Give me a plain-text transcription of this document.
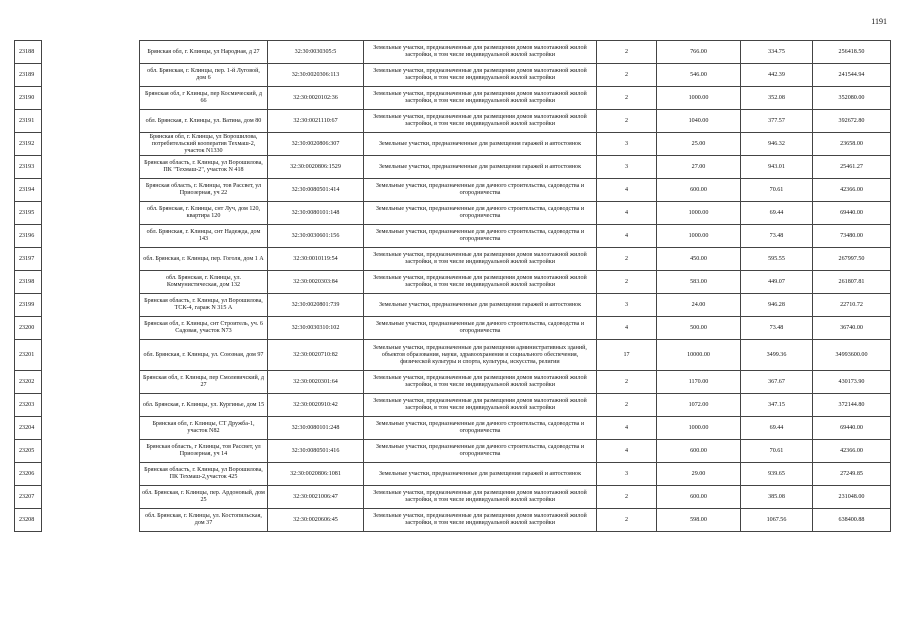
1191
23188		Брянская обл, г. Клинцы, ул Народная, д 27	32:30:0030305:5	Земельные участки, предназначенные для размещения домов малоэтажной жилой застройки, в том числе индивидуальной жилой застройки	2	766.00	334.75	256418.50
23189		обл. Брянская, г. Клинцы, пер. 1-й Луговой, дом 6	32:30:0020306:113	Земельные участки, предназначенные для размещения домов малоэтажной жилой застройки, в том числе индивидуальной жилой застройки	2	546.00	442.39	241544.94
23190		Брянская обл, г Клинцы, пер Космический, д 66	32:30:0020102:36	Земельные участки, предназначенные для размещения домов малоэтажной жилой застройки, в том числе индивидуальной жилой застройки	2	1000.00	352.08	352080.00
23191		обл. Брянская, г. Клинцы, ул. Ватина, дом 80	32:30:0021110:67	Земельные участки, предназначенные для размещения домов малоэтажной жилой застройки, в том числе индивидуальной жилой застройки	2	1040.00	377.57	392672.80
23192		Брянская обл, г. Клинцы, ул Ворошилова, потребительский кооператив Техмаш-2, участок N1330	32:30:0020806:307	Земельные участки, предназначенные для размещения гаражей и автостоянок	3	25.00	946.32	23658.00
23193		Брянская область, г. Клинцы, ул Ворошилова, ПК "Техмаш-2", участок N 418	32:30:0020806:1529	Земельные участки, предназначенные для размещения гаражей и автостоянок	3	27.00	943.01	25461.27
23194		Брянская область, г. Клинцы, тов Рассвет, ул Приозерная, уч 22	32:30:0080501:414	Земельные участки, предназначенные для дачного строительства, садоводства и огородничества	4	600.00	70.61	42366.00
23195		обл. Брянская, г. Клинцы, снт Луч, дом 120, квартира 120	32:30:0080101:148	Земельные участки, предназначенные для дачного строительства, садоводства и огородничества	4	1000.00	69.44	69440.00
23196		обл. Брянская, г. Клинцы, снт Надежда, дом 143	32:30:0030601:156	Земельные участки, предназначенные для дачного строительства, садоводства и огородничества	4	1000.00	73.48	73480.00
23197		обл. Брянская, г. Клинцы, пер. Гоголя, дом 1 А	32:30:0010119:54	Земельные участки, предназначенные для размещения домов малоэтажной жилой застройки, в том числе индивидуальной жилой застройки	2	450.00	595.55	267997.50
23198		обл. Брянская, г. Клинцы, ул. Коммунистическая, дом 132	32:30:0020303:84	Земельные участки, предназначенные для размещения домов малоэтажной жилой застройки, в том числе индивидуальной жилой застройки	2	583.00	449.07	261807.81
23199		Брянская область, г. Клинцы, ул Ворошилова, ТСК-4, гараж N 315 А	32:30:0020801:739	Земельные участки, предназначенные для размещения гаражей и автостоянок	3	24.00	946.28	22710.72
23200		Брянская обл, г. Клинцы, снт Строитель, уч. 6 Садовая, участок N73	32:30:0030310:102	Земельные участки, предназначенные для дачного строительства, садоводства и огородничества	4	500.00	73.48	36740.00
23201		обл. Брянская, г. Клинцы, ул. Союзная, дом 97	32:30:0020710:82	Земельные участки, предназначенные для размещения административных зданий, объектов образования, науки, здравоохранения и социального обеспечения, физической культуры и спорта, культуры, искусства, религии	17	10000.00	3499.36	34993600.00
23202		Брянская обл, г. Клинцы, пер Смолевичский, д 27	32:30:0020301:64	Земельные участки, предназначенные для размещения домов малоэтажной жилой застройки, в том числе индивидуальной жилой застройки	2	1170.00	367.67	430173.90
23203		обл. Брянская, г. Клинцы, ул. Кургинье, дом 15	32:30:0020910:42	Земельные участки, предназначенные для размещения домов малоэтажной жилой застройки, в том числе индивидуальной жилой застройки	2	1072.00	347.15	372144.80
23204		Брянская обл, г. Клинцы, СТ Дружба-1, участок N82	32:30:0080101:248	Земельные участки, предназначенные для дачного строительства, садоводства и огородничества	4	1000.00	69.44	69440.00
23205		Брянская область, г Клинцы, тов Рассвет, ул Приозерная, уч 14	32:30:0080501:416	Земельные участки, предназначенные для дачного строительства, садоводства и огородничества	4	600.00	70.61	42366.00
23206		Брянская область, г. Клинцы, ул Ворошилова, ПК Техмаш-2,участок 425	32:30:0020806:1081	Земельные участки, предназначенные для размещения гаражей и автостоянок	3	29.00	939.65	27249.85
23207		обл. Брянская, г. Клинцы, пер. Ардоновый, дом 25	32:30:0021006:47	Земельные участки, предназначенные для размещения домов малоэтажной жилой застройки, в том числе индивидуальной жилой застройки	2	600.00	385.08	231048.00
23208		обл. Брянская, г. Клинцы, ул. Костопильская, дом 37	32:30:0020606:45	Земельные участки, предназначенные для размещения домов малоэтажной жилой застройки, в том числе индивидуальной жилой застройки	2	598.00	1067.56	638400.88
